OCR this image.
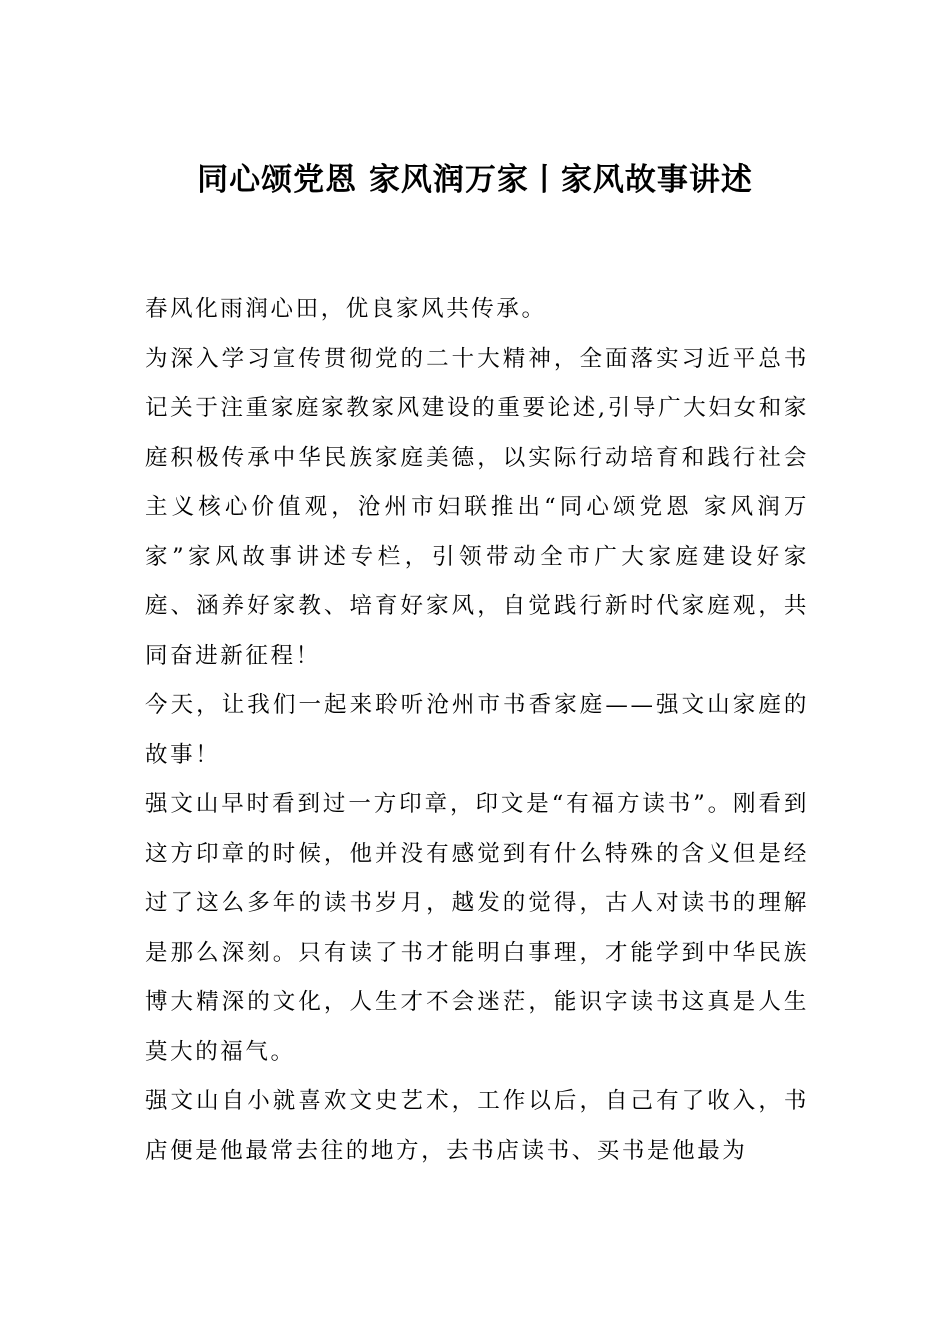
同心颂党恩 家风润万家丨家风故事讲述

春风化雨润心田，优良家风共传承。

为深入学习宣传贯彻党的二十大精神，全面落实习近平总书记关于注重家庭家教家风建设的重要论述,引导广大妇女和家庭积极传承中华民族家庭美德，以实际行动培育和践行社会主义核心价值观，沧州市妇联推出“同心颂党恩 家风润万家”家风故事讲述专栏，引领带动全市广大家庭建设好家庭、涵养好家教、培育好家风，自觉践行新时代家庭观，共同奋进新征程！

今天，让我们一起来聆听沧州市书香家庭——强文山家庭的故事！

强文山早时看到过一方印章，印文是“有福方读书”。刚看到这方印章的时候，他并没有感觉到有什么特殊的含义但是经过了这么多年的读书岁月，越发的觉得，古人对读书的理解是那么深刻。只有读了书才能明白事理，才能学到中华民族博大精深的文化，人生才不会迷茫，能识字读书这真是人生莫大的福气。

强文山自小就喜欢文史艺术，工作以后，自己有了收入，书店便是他最常去往的地方，去书店读书、买书是他最为
